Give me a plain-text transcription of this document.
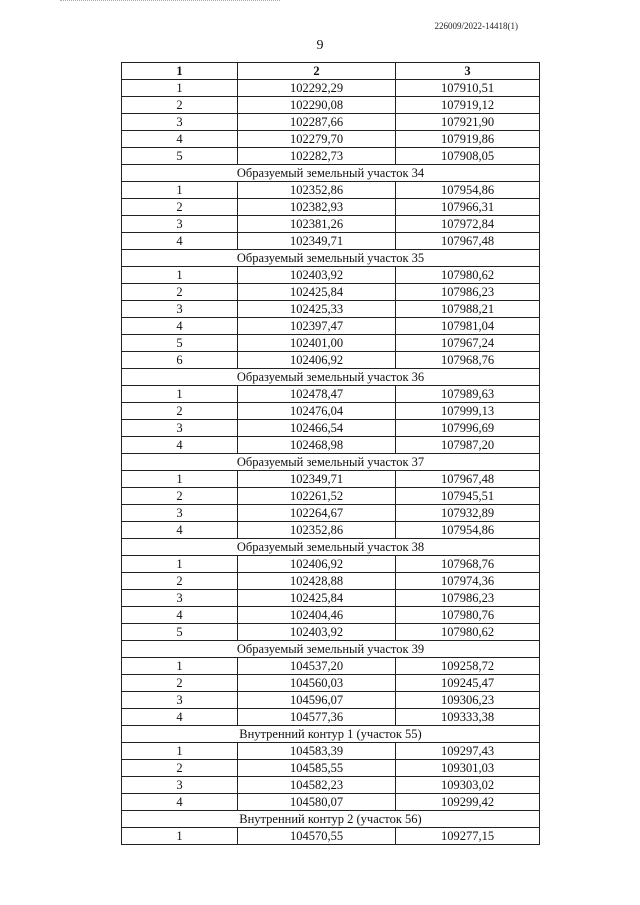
226009/2022-14418(1)
9
1	2	3
1	102292,29	107910,51
2	102290,08	107919,12
3	102287,66	107921,90
4	102279,70	107919,86
5	102282,73	107908,05
Образуемый земельный участок 34		
1	102352,86	107954,86
2	102382,93	107966,31
3	102381,26	107972,84
4	102349,71	107967,48
Образуемый земельный участок 35		
1	102403,92	107980,62
2	102425,84	107986,23
3	102425,33	107988,21
4	102397,47	107981,04
5	102401,00	107967,24
6	102406,92	107968,76
Образуемый земельный участок 36		
1	102478,47	107989,63
2	102476,04	107999,13
3	102466,54	107996,69
4	102468,98	107987,20
Образуемый земельный участок 37		
1	102349,71	107967,48
2	102261,52	107945,51
3	102264,67	107932,89
4	102352,86	107954,86
Образуемый земельный участок 38		
1	102406,92	107968,76
2	102428,88	107974,36
3	102425,84	107986,23
4	102404,46	107980,76
5	102403,92	107980,62
Образуемый земельный участок 39		
1	104537,20	109258,72
2	104560,03	109245,47
3	104596,07	109306,23
4	104577,36	109333,38
Внутренний контур 1 (участок 55)		
1	104583,39	109297,43
2	104585,55	109301,03
3	104582,23	109303,02
4	104580,07	109299,42
Внутренний контур 2 (участок 56)		
1	104570,55	109277,15
